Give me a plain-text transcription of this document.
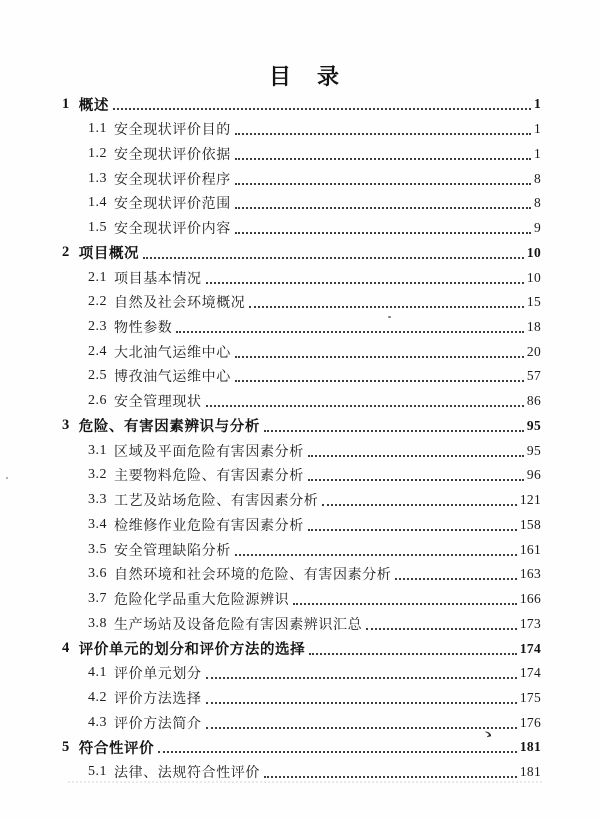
目　录
1 概述	1
1.1 安全现状评价目的	1
1.2 安全现状评价依据	1
1.3 安全现状评价程序	8
1.4 安全现状评价范围	8
1.5 安全现状评价内容	9
2 项目概况	10
2.1 项目基本情况	10
2.2 自然及社会环境概况	15
2.3 物性参数	18
2.4 大北油气运维中心	20
2.5 博孜油气运维中心	57
2.6 安全管理现状	86
3 危险、有害因素辨识与分析	95
3.1 区域及平面危险有害因素分析	95
3.2 主要物料危险、有害因素分析	96
3.3 工艺及站场危险、有害因素分析	121
3.4 检维修作业危险有害因素分析	158
3.5 安全管理缺陷分析	161
3.6 自然环境和社会环境的危险、有害因素分析	163
3.7 危险化学品重大危险源辨识	166
3.8 生产场站及设备危险有害因素辨识汇总	173
4 评价单元的划分和评价方法的选择	174
4.1 评价单元划分	174
4.2 评价方法选择	175
4.3 评价方法简介	176
5 符合性评价	181
5.1 法律、法规符合性评价	181
ゝ
